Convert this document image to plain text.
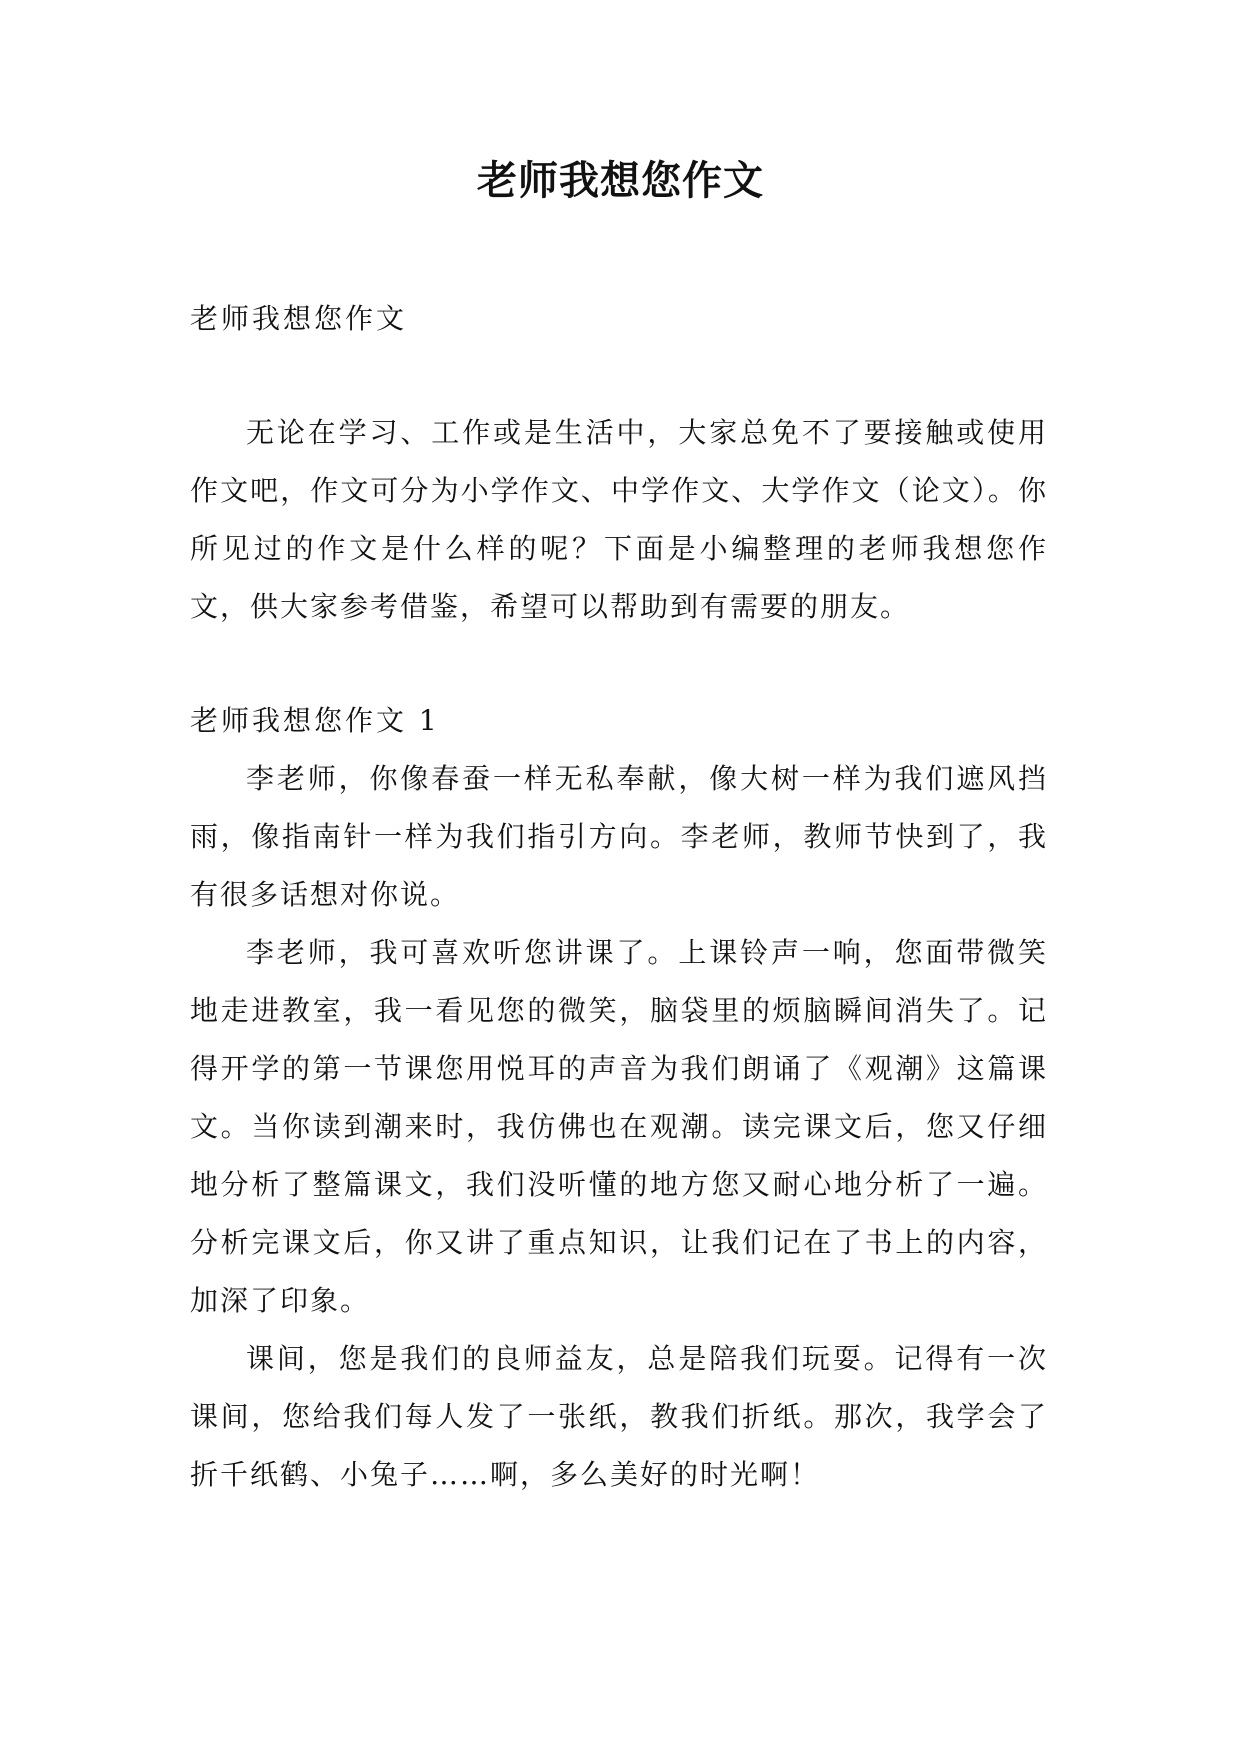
老师我想您作文

老师我想您作文

无论在学习、工作或是生活中，大家总免不了要接触或使用作文吧，作文可分为小学作文、中学作文、大学作文（论文）。你所见过的作文是什么样的呢？下面是小编整理的老师我想您作文，供大家参考借鉴，希望可以帮助到有需要的朋友。

老师我想您作文 1

李老师，你像春蚕一样无私奉献，像大树一样为我们遮风挡雨，像指南针一样为我们指引方向。李老师，教师节快到了，我有很多话想对你说。

李老师，我可喜欢听您讲课了。上课铃声一响，您面带微笑地走进教室，我一看见您的微笑，脑袋里的烦脑瞬间消失了。记得开学的第一节课您用悦耳的声音为我们朗诵了《观潮》这篇课文。当你读到潮来时，我仿佛也在观潮。读完课文后，您又仔细地分析了整篇课文，我们没听懂的地方您又耐心地分析了一遍。分析完课文后，你又讲了重点知识，让我们记在了书上的内容，加深了印象。

课间，您是我们的良师益友，总是陪我们玩耍。记得有一次课间，您给我们每人发了一张纸，教我们折纸。那次，我学会了折千纸鹤、小兔子……啊，多么美好的时光啊！
